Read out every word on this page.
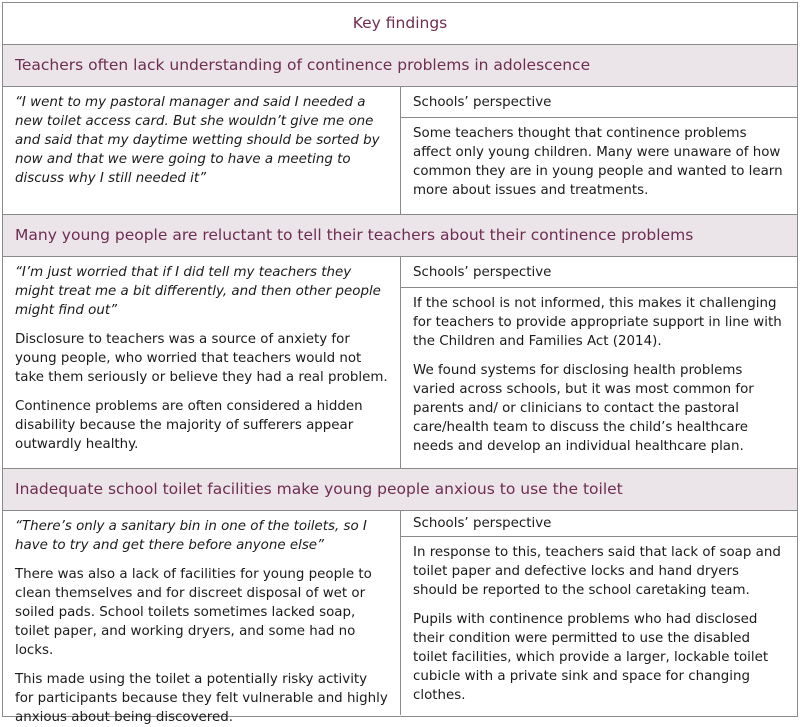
Key findings
Teachers often lack understanding of continence problems in adolescence

“I went to my pastoral manager and said I needed a new toilet access card. But she wouldn’t give me one and said that my daytime wetting should be sorted by now and that we were going to have a meeting to discuss why I still needed it”

Schools’ perspective

Some teachers thought that continence problems affect only young children. Many were unaware of how common they are in young people and wanted to learn more about issues and treatments.

Many young people are reluctant to tell their teachers about their continence problems

“I’m just worried that if I did tell my teachers they might treat me a bit differently, and then other people might find out”

Disclosure to teachers was a source of anxiety for young people, who worried that teachers would not take them seriously or believe they had a real problem.

Continence problems are often considered a hidden disability because the majority of sufferers appear outwardly healthy.

Schools’ perspective

If the school is not informed, this makes it challenging for teachers to provide appropriate support in line with the Children and Families Act (2014).

We found systems for disclosing health problems varied across schools, but it was most common for parents and/ or clinicians to contact the pastoral care/health team to discuss the child’s healthcare needs and develop an individual healthcare plan.

Inadequate school toilet facilities make young people anxious to use the toilet

“There’s only a sanitary bin in one of the toilets, so I have to try and get there before anyone else”

There was also a lack of facilities for young people to clean themselves and for discreet disposal of wet or soiled pads. School toilets sometimes lacked soap, toilet paper, and working dryers, and some had no locks.

This made using the toilet a potentially risky activity for participants because they felt vulnerable and highly anxious about being discovered.

Schools’ perspective

In response to this, teachers said that lack of soap and toilet paper and defective locks and hand dryers should be reported to the school caretaking team.

Pupils with continence problems who had disclosed their condition were permitted to use the disabled toilet facilities, which provide a larger, lockable toilet cubicle with a private sink and space for changing clothes.
